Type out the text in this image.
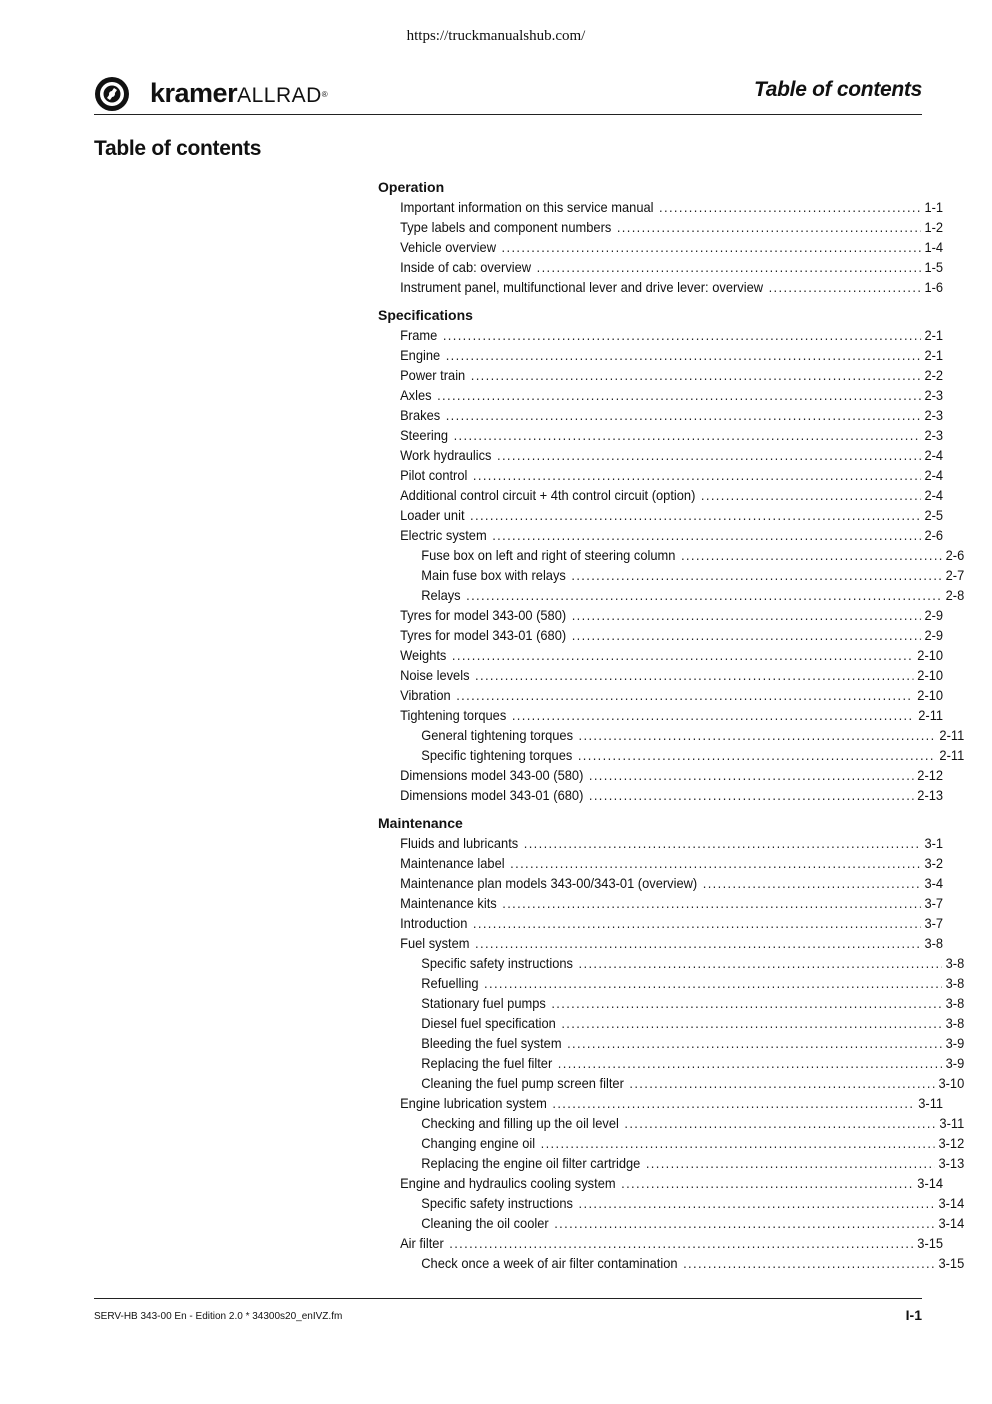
https://truckmanualshub.com/
kramerALLRAD®	Table of contents
Table of contents
Operation
Important information on this service manual .....	1-1
Type labels and component numbers .....	1-2
Vehicle overview .....	1-4
Inside of cab: overview .....	1-5
Instrument panel, multifunctional lever and drive lever: overview .....	1-6
Specifications
Frame .....	2-1
Engine .....	2-1
Power train .....	2-2
Axles .....	2-3
Brakes .....	2-3
Steering .....	2-3
Work hydraulics .....	2-4
Pilot control .....	2-4
Additional control circuit + 4th control circuit (option) .....	2-4
Loader unit .....	2-5
Electric system .....	2-6
Fuse box on left and right of steering column .....	2-6
Main fuse box with relays .....	2-7
Relays .....	2-8
Tyres for model 343-00 (580) .....	2-9
Tyres for model 343-01 (680) .....	2-9
Weights .....	2-10
Noise levels .....	2-10
Vibration .....	2-10
Tightening torques .....	2-11
General tightening torques .....	2-11
Specific tightening torques .....	2-11
Dimensions model 343-00 (580) .....	2-12
Dimensions model 343-01 (680) .....	2-13
Maintenance
Fluids and lubricants .....	3-1
Maintenance label .....	3-2
Maintenance plan models 343-00/343-01 (overview) .....	3-4
Maintenance kits .....	3-7
Introduction .....	3-7
Fuel system .....	3-8
Specific safety instructions .....	3-8
Refuelling .....	3-8
Stationary fuel pumps .....	3-8
Diesel fuel specification .....	3-8
Bleeding the fuel system .....	3-9
Replacing the fuel filter .....	3-9
Cleaning the fuel pump screen filter .....	3-10
Engine lubrication system .....	3-11
Checking and filling up the oil level .....	3-11
Changing engine oil .....	3-12
Replacing the engine oil filter cartridge .....	3-13
Engine and hydraulics cooling system .....	3-14
Specific safety instructions .....	3-14
Cleaning the oil cooler .....	3-14
Air filter .....	3-15
Check once a week of air filter contamination .....	3-15
SERV-HB 343-00 En - Edition 2.0 * 34300s20_enIVZ.fm	I-1
